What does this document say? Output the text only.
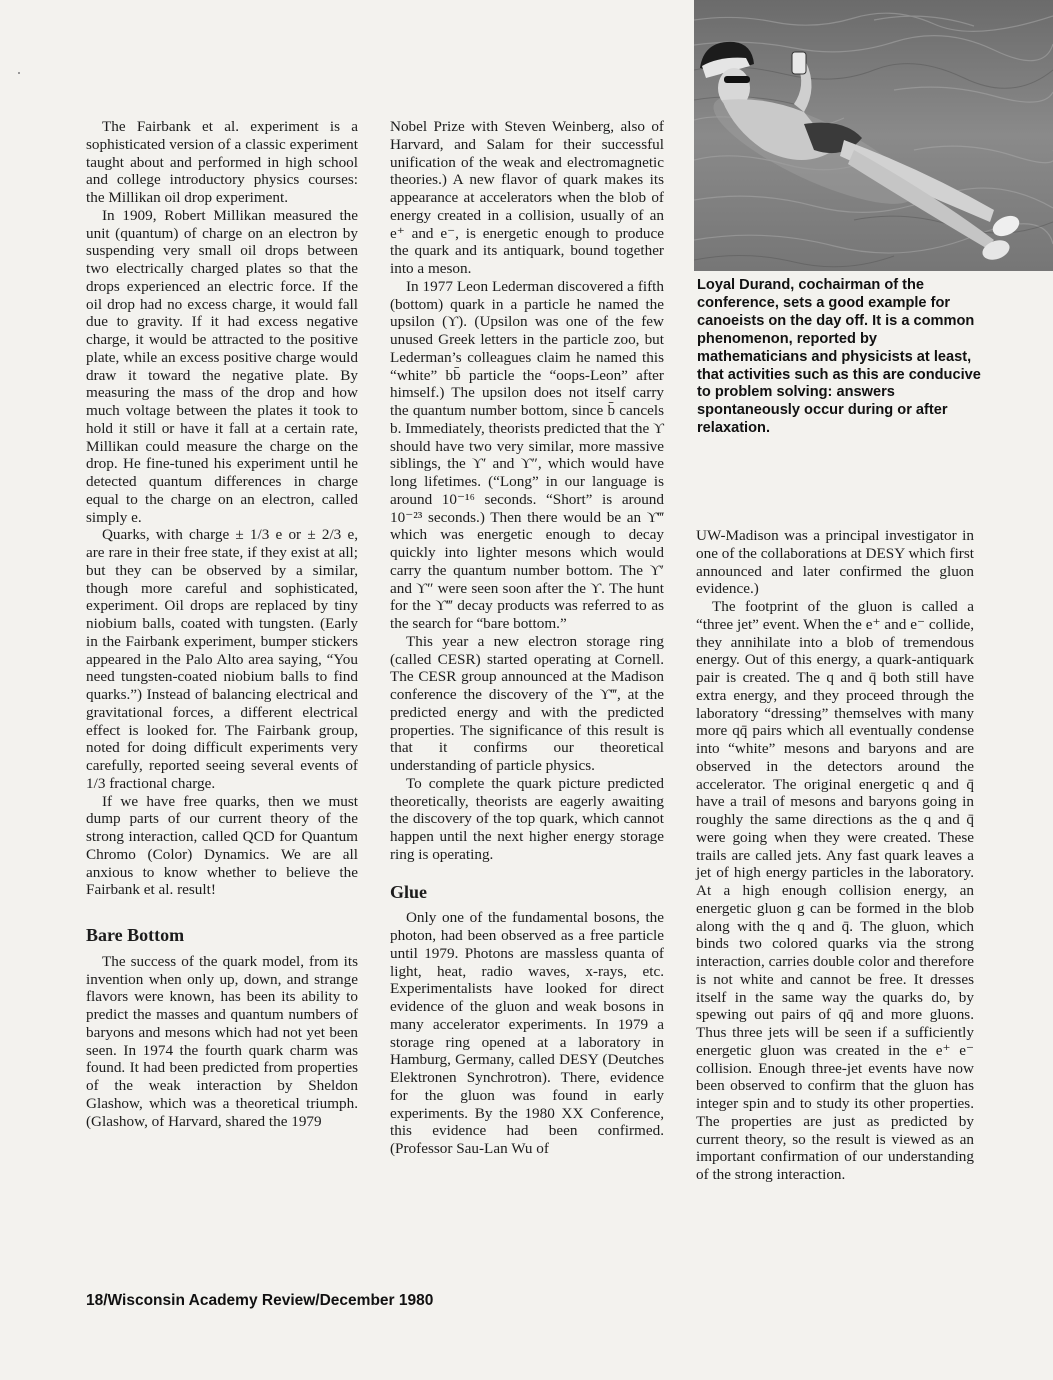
Loyal Durand, cochairman of the conference, sets a good example for canoeists on the day off. It is a common phenomenon, reported by mathematicians and physicists at least, that activities such as this are conducive to problem solving: answers spontaneously occur during or after relaxation.

The Fairbank et al. experiment is a sophisticated version of a classic experiment taught about and performed in high school and college introductory physics courses: the Millikan oil drop experiment.

In 1909, Robert Millikan measured the unit (quantum) of charge on an electron by suspending very small oil drops between two electrically charged plates so that the drops experienced an electric force. If the oil drop had no excess charge, it would fall due to gravity. If it had excess negative charge, it would be attracted to the positive plate, while an excess positive charge would draw it toward the negative plate. By measuring the mass of the drop and how much voltage between the plates it took to hold it still or have it fall at a certain rate, Millikan could measure the charge on the drop. He fine-tuned his experiment until he detected quantum differences in charge equal to the charge on an electron, called simply e.

Quarks, with charge ± 1/3 e or ± 2/3 e, are rare in their free state, if they exist at all; but they can be observed by a similar, though more careful and sophisticated, experiment. Oil drops are replaced by tiny niobium balls, coated with tungsten. (Early in the Fairbank experiment, bumper stickers appeared in the Palo Alto area saying, “You need tungsten-coated niobium balls to find quarks.”) Instead of balancing electrical and gravitational forces, a different electrical effect is looked for. The Fairbank group, noted for doing difficult experiments very carefully, reported seeing several events of 1/3 fractional charge.

If we have free quarks, then we must dump parts of our current theory of the strong interaction, called QCD for Quantum Chromo (Color) Dynamics. We are all anxious to know whether to believe the Fairbank et al. result!

Bare Bottom

The success of the quark model, from its invention when only up, down, and strange flavors were known, has been its ability to predict the masses and quantum numbers of baryons and mesons which had not yet been seen. In 1974 the fourth quark charm was found. It had been predicted from properties of the weak interaction by Sheldon Glashow, which was a theoretical triumph. (Glashow, of Harvard, shared the 1979

Nobel Prize with Steven Weinberg, also of Harvard, and Salam for their successful unification of the weak and electromagnetic theories.) A new flavor of quark makes its appearance at accelerators when the blob of energy created in a collision, usually of an e⁺ and e⁻, is energetic enough to produce the quark and its antiquark, bound together into a meson.

In 1977 Leon Lederman discovered a fifth (bottom) quark in a particle he named the upsilon (ϒ). (Upsilon was one of the few unused Greek letters in the particle zoo, but Lederman’s colleagues claim he named this “white” bb̄ particle the “oops-Leon” after himself.) The upsilon does not itself carry the quantum number bottom, since b̄ cancels b. Immediately, theorists predicted that the ϒ should have two very similar, more massive siblings, the ϒ′ and ϒ″, which would have long lifetimes. (“Long” in our language is around 10⁻¹⁶ seconds. “Short” is around 10⁻²³ seconds.) Then there would be an ϒ‴ which was energetic enough to decay quickly into lighter mesons which would carry the quantum number bottom. The ϒ′ and ϒ″ were seen soon after the ϒ. The hunt for the ϒ‴ decay products was referred to as the search for “bare bottom.”

This year a new electron storage ring (called CESR) started operating at Cornell. The CESR group announced at the Madison conference the discovery of the ϒ‴, at the predicted energy and with the predicted properties. The significance of this result is that it confirms our theoretical understanding of particle physics.

To complete the quark picture predicted theoretically, theorists are eagerly awaiting the discovery of the top quark, which cannot happen until the next higher energy storage ring is operating.

Glue

Only one of the fundamental bosons, the photon, had been observed as a free particle until 1979. Photons are massless quanta of light, heat, radio waves, x-rays, etc. Experimentalists have looked for direct evidence of the gluon and weak bosons in many accelerator experiments. In 1979 a storage ring opened at a laboratory in Hamburg, Germany, called DESY (Deutches Elektronen Synchrotron). There, evidence for the gluon was found in early experiments. By the 1980 XX Conference, this evidence had been confirmed. (Professor Sau-Lan Wu of

UW-Madison was a principal investigator in one of the collaborations at DESY which first announced and later confirmed the gluon evidence.)

The footprint of the gluon is called a “three jet” event. When the e⁺ and e⁻ collide, they annihilate into a blob of tremendous energy. Out of this energy, a quark-antiquark pair is created. The q and q̄ both still have extra energy, and they proceed through the laboratory “dressing” themselves with many more qq̄ pairs which all eventually condense into “white” mesons and baryons and are observed in the detectors around the accelerator. The original energetic q and q̄ have a trail of mesons and baryons going in roughly the same directions as the q and q̄ were going when they were created. These trails are called jets. Any fast quark leaves a jet of high energy particles in the laboratory. At a high enough collision energy, an energetic gluon g can be formed in the blob along with the q and q̄. The gluon, which binds two colored quarks via the strong interaction, carries double color and therefore is not white and cannot be free. It dresses itself in the same way the quarks do, by spewing out pairs of qq̄ and more gluons. Thus three jets will be seen if a sufficiently energetic gluon was created in the e⁺ e⁻ collision. Enough three-jet events have now been observed to confirm that the gluon has integer spin and to study its other properties. The properties are just as predicted by current theory, so the result is viewed as an important confirmation of our understanding of the strong interaction.

18/Wisconsin Academy Review/December 1980
